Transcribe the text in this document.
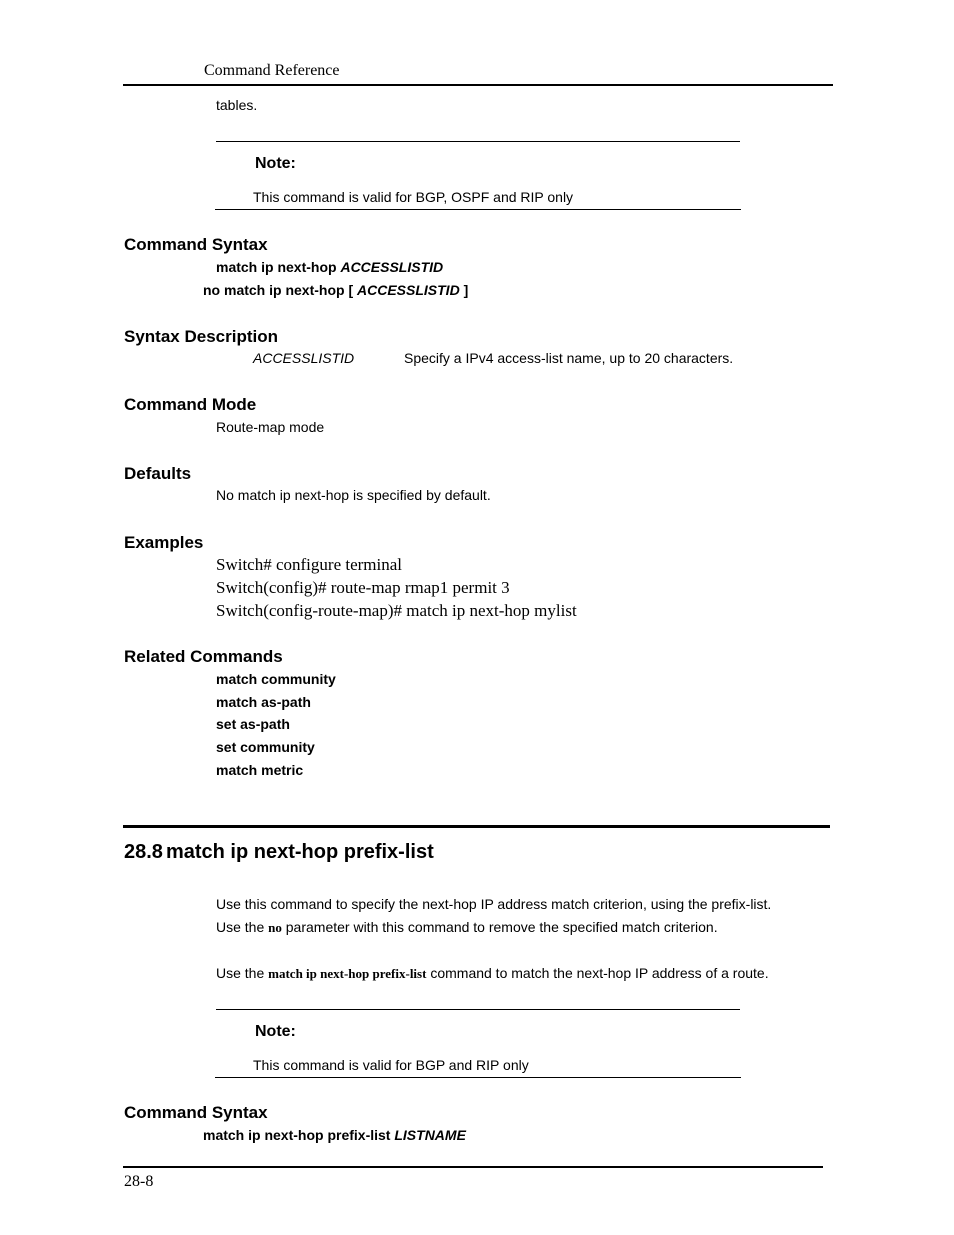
Command Reference
tables.
Note:
This command is valid for BGP, OSPF and RIP only
Command Syntax
match ip next-hop ACCESSLISTID
no match ip next-hop [ ACCESSLISTID ]
Syntax Description
ACCESSLISTID	Specify a IPv4 access-list name, up to 20 characters.
Command Mode
Route-map mode
Defaults
No match ip next-hop is specified by default.
Examples
Switch# configure terminal
Switch(config)# route-map rmap1 permit 3
Switch(config-route-map)# match ip next-hop mylist
Related Commands
match community
match as-path
set as-path
set community
match metric
28.8 match ip next-hop prefix-list
Use this command to specify the next-hop IP address match criterion, using the prefix-list.
Use the no parameter with this command to remove the specified match criterion.
Use the match ip next-hop prefix-list command to match the next-hop IP address of a route.
Note:
This command is valid for BGP and RIP only
Command Syntax
match ip next-hop prefix-list LISTNAME
28-8
